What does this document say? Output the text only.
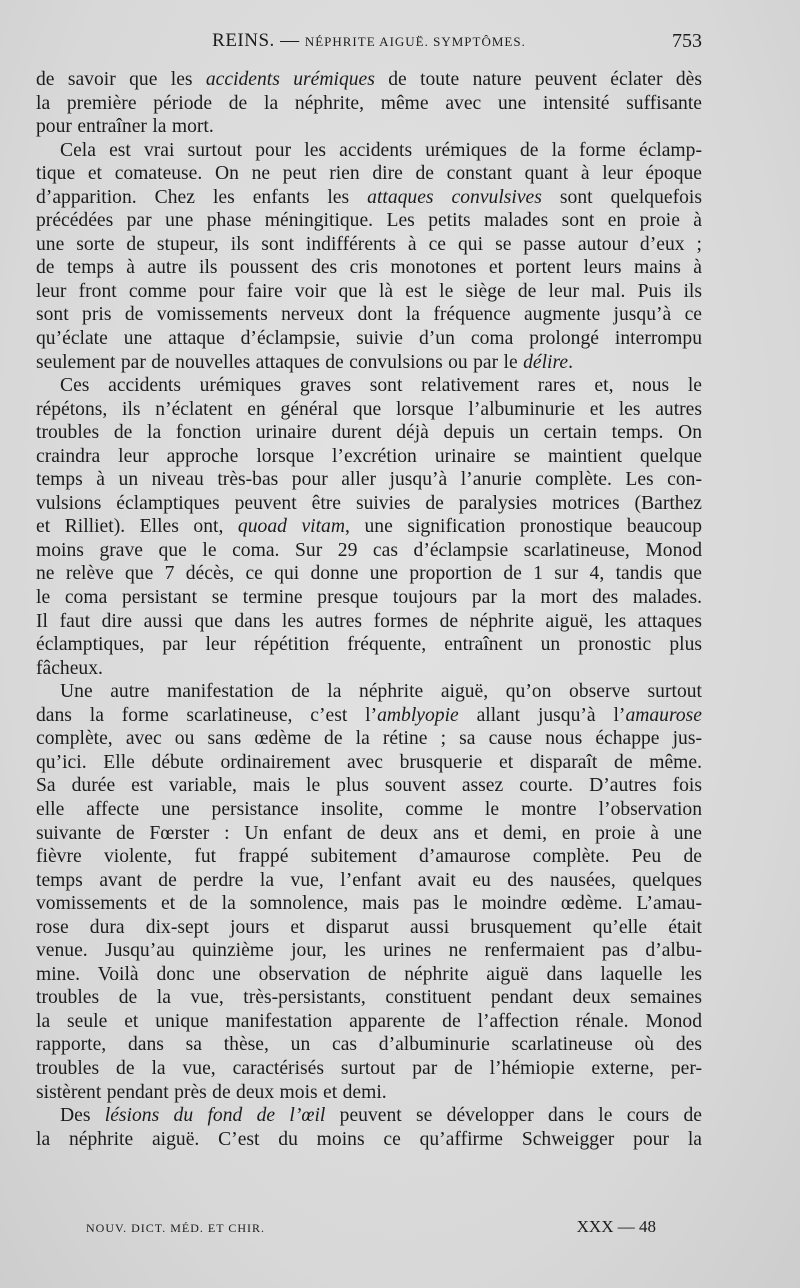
REINS. — NÉPHRITE AIGUË. SYMPTÔMES.	753
de savoir que les accidents urémiques de toute nature peuvent éclater dès
la première période de la néphrite, même avec une intensité suffisante
pour entraîner la mort.
Cela est vrai surtout pour les accidents urémiques de la forme éclamp-
tique et comateuse. On ne peut rien dire de constant quant à leur époque
d’apparition. Chez les enfants les attaques convulsives sont quelquefois
précédées par une phase méningitique. Les petits malades sont en proie à
une sorte de stupeur, ils sont indifférents à ce qui se passe autour d’eux ;
de temps à autre ils poussent des cris monotones et portent leurs mains à
leur front comme pour faire voir que là est le siège de leur mal. Puis ils
sont pris de vomissements nerveux dont la fréquence augmente jusqu’à ce
qu’éclate une attaque d’éclampsie, suivie d’un coma prolongé interrompu
seulement par de nouvelles attaques de convulsions ou par le délire.
Ces accidents urémiques graves sont relativement rares et, nous le
répétons, ils n’éclatent en général que lorsque l’albuminurie et les autres
troubles de la fonction urinaire durent déjà depuis un certain temps. On
craindra leur approche lorsque l’excrétion urinaire se maintient quelque
temps à un niveau très-bas pour aller jusqu’à l’anurie complète. Les con-
vulsions éclamptiques peuvent être suivies de paralysies motrices (Barthez
et Rilliet). Elles ont, quoad vitam, une signification pronostique beaucoup
moins grave que le coma. Sur 29 cas d’éclampsie scarlatineuse, Monod
ne relève que 7 décès, ce qui donne une proportion de 1 sur 4, tandis que
le coma persistant se termine presque toujours par la mort des malades.
Il faut dire aussi que dans les autres formes de néphrite aiguë, les attaques
éclamptiques, par leur répétition fréquente, entraînent un pronostic plus
fâcheux.
Une autre manifestation de la néphrite aiguë, qu’on observe surtout
dans la forme scarlatineuse, c’est l’amblyopie allant jusqu’à l’amaurose
complète, avec ou sans œdème de la rétine ; sa cause nous échappe jus-
qu’ici. Elle débute ordinairement avec brusquerie et disparaît de même.
Sa durée est variable, mais le plus souvent assez courte. D’autres fois
elle affecte une persistance insolite, comme le montre l’observation
suivante de Fœrster : Un enfant de deux ans et demi, en proie à une
fièvre violente, fut frappé subitement d’amaurose complète. Peu de
temps avant de perdre la vue, l’enfant avait eu des nausées, quelques
vomissements et de la somnolence, mais pas le moindre œdème. L’amau-
rose dura dix-sept jours et disparut aussi brusquement qu’elle était
venue. Jusqu’au quinzième jour, les urines ne renfermaient pas d’albu-
mine. Voilà donc une observation de néphrite aiguë dans laquelle les
troubles de la vue, très-persistants, constituent pendant deux semaines
la seule et unique manifestation apparente de l’affection rénale. Monod
rapporte, dans sa thèse, un cas d’albuminurie scarlatineuse où des
troubles de la vue, caractérisés surtout par de l’hémiopie externe, per-
sistèrent pendant près de deux mois et demi.
Des lésions du fond de l’œil peuvent se développer dans le cours de
la néphrite aiguë. C’est du moins ce qu’affirme Schweigger pour la
NOUV. DICT. MÉD. ET CHIR.	XXX — 48
